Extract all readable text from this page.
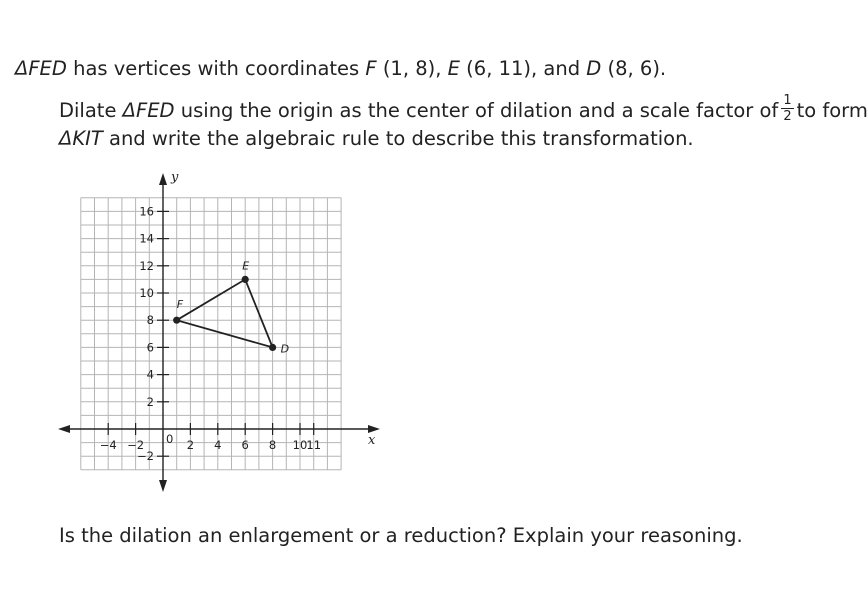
ΔFED has vertices with coordinates F (1, 8), E (6, 11), and D (8, 6).
Dilate ΔFED using the origin as the center of dilation and a scale factor of $\frac{1}{2}$ to form
ΔKIT and write the algebraic rule to describe this transformation.
x
y
0
−4 −2	2 4 6 8 10 11
16
14
12
10
8
6
4
2
−2
F
E
D
Is the dilation an enlargement or a reduction? Explain your reasoning.
